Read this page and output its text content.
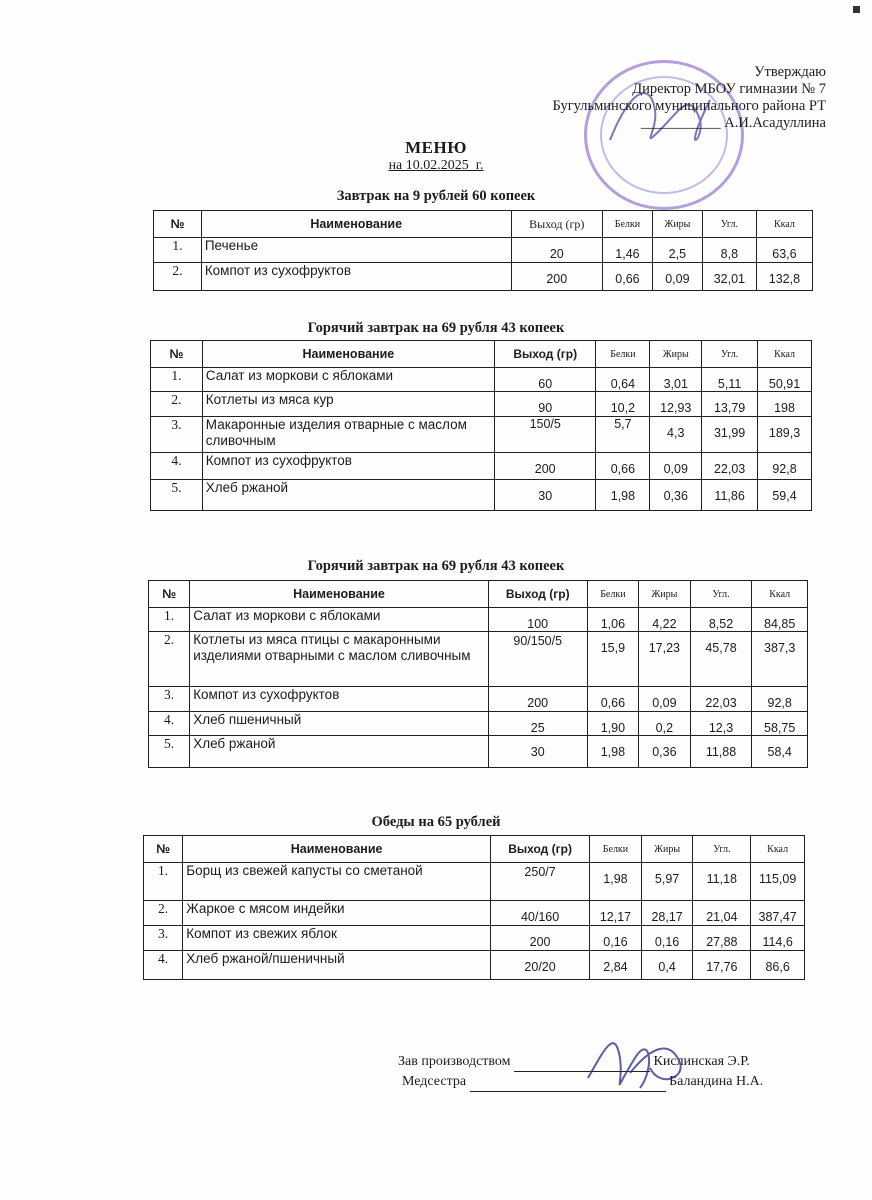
Утверждаю
Директор МБОУ гимназии № 7
Бугульминского муниципального района РТ
___________ А.И.Асадуллина
МЕНЮ
на 10.02.2025_г.
Завтрак на 9 рублей 60 копеек
№	Наименование	Выход (гр)	Белки	Жиры	Угл.	Ккал
1.	Печенье	20	1,46	2,5	8,8	63,6
2.	Компот из сухофруктов	200	0,66	0,09	32,01	132,8
Горячий завтрак на 69 рубля 43 копеек
№	Наименование	Выход (гр)	Белки	Жиры	Угл.	Ккал
1.	Салат из моркови с яблоками	60	0,64	3,01	5,11	50,91
2.	Котлеты из мяса кур	90	10,2	12,93	13,79	198
3.	Макаронные изделия отварные с маслом сливочным	150/5	5,7	4,3	31,99	189,3
4.	Компот из сухофруктов	200	0,66	0,09	22,03	92,8
5.	Хлеб ржаной	30	1,98	0,36	11,86	59,4
Горячий завтрак на 69 рубля 43 копеек
№	Наименование	Выход (гр)	Белки	Жиры	Угл.	Ккал
1.	Салат из моркови с яблоками	100	1,06	4,22	8,52	84,85
2.	Котлеты из мяса птицы с макаронными изделиями отварными с маслом сливочным	90/150/5	15,9	17,23	45,78	387,3
3.	Компот из сухофруктов	200	0,66	0,09	22,03	92,8
4.	Хлеб пшеничный	25	1,90	0,2	12,3	58,75
5.	Хлеб ржаной	30	1,98	0,36	11,88	58,4
Обеды на 65 рублей
№	Наименование	Выход (гр)	Белки	Жиры	Угл.	Ккал
1.	Борщ из свежей капусты со сметаной	250/7	1,98	5,97	11,18	115,09
2.	Жаркое с мясом индейки	40/160	12,17	28,17	21,04	387,47
3.	Компот из свежих яблок	200	0,16	0,16	27,88	114,6
4.	Хлеб ржаной/пшеничный	20/20	2,84	0,4	17,76	86,6
Зав производством	Кислинская Э.Р.
Медсестра	Баландина Н.А.
